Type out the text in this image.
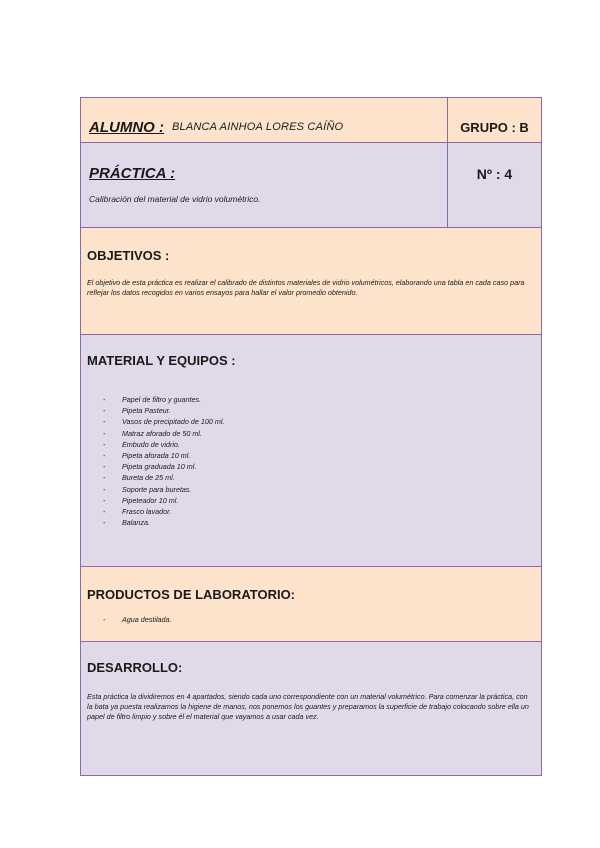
ALUMNO : BLANCA AINHOA LORES CAÍÑO	GRUPO : B
PRÁCTICA :
Calibración del material de vidrio volumétrico.
Nº : 4
OBJETIVOS :

El objetivo de esta práctica es realizar el calibrado de distintos materiales de vidrio volumétricos, elaborando una tabla en cada caso para reflejar los datos recogidos en varios ensayos para hallar el valor promedio obtenido.

MATERIAL Y EQUIPOS :
- Papel de filtro y guantes.
- Pipeta Pasteur.
- Vasos de precipitado de 100 ml.
- Matraz aforado de 50 ml.
- Embudo de vidrio.
- Pipeta aforada 10 ml.
- Pipeta graduada 10 ml.
- Bureta de 25 ml.
- Soporte para buretas.
- Pipeteador 10 ml.
- Frasco lavador.
- Balanza.
PRODUCTOS DE LABORATORIO:
- Agua destilada.
DESARROLLO:

Esta práctica la dividiremos en 4 apartados, siendo cada uno correspondiente con un material volumétrico. Para comenzar la práctica, con la bata ya puesta realizamos la higiene de manos, nos ponemos los guantes y preparamos la superficie de trabajo colocando sobre ella un papel de filtro limpio y sobre él el material que vayamos a usar cada vez.
